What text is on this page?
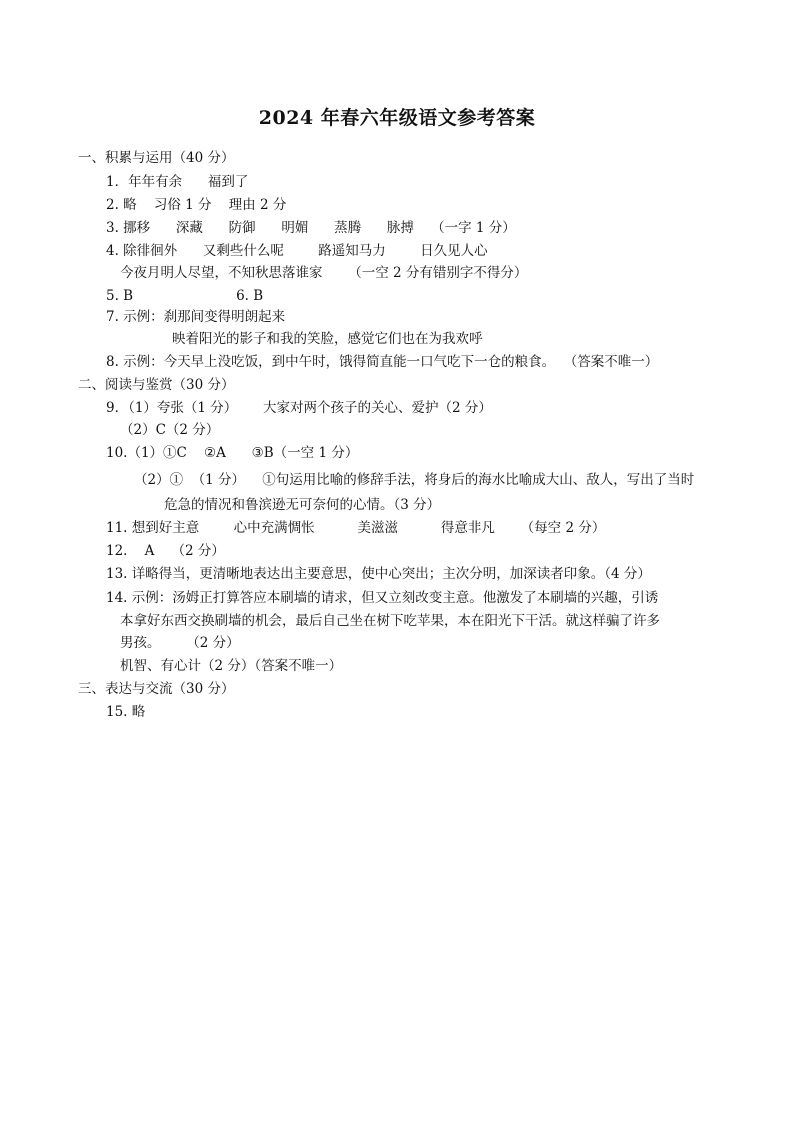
2024 年春六年级语文参考答案
一、积累与运用（40 分）
1．年年有余      福到了
2. 略    习俗 1 分    理由 2 分
3. 挪移      深藏      防御      明媚      蒸腾      脉搏    （一字 1 分）
4. 除徘徊外      又剩些什么呢        路遥知马力        日久见人心
今夜月明人尽望，不知秋思落谁家      （一空 2 分有错别字不得分）
5. B                        6. B
7. 示例：刹那间变得明朗起来
映着阳光的影子和我的笑脸，感觉它们也在为我欢呼
8. 示例：今天早上没吃饭，到中午时，饿得简直能一口气吃下一仓的粮食。  （答案不唯一）
二、阅读与鉴赏（30 分）
9．（1）夸张（1 分）      大家对两个孩子的关心、爱护（2 分）
（2）C（2 分）
10.（1）①C    ②A      ③B（一空 1 分）
（2）①  （1 分）    ①句运用比喻的修辞手法，将身后的海水比喻成大山、敌人，写出了当时
危急的情况和鲁滨逊无可奈何的心情。（3 分）
11. 想到好主意        心中充满惆怅          美滋滋          得意非凡      （每空 2 分）
12.    A    （2 分）
13. 详略得当，更清晰地表达出主要意思，使中心突出；主次分明，加深读者印象。（4 分）
14. 示例：汤姆正打算答应本刷墙的请求，但又立刻改变主意。他激发了本刷墙的兴趣，引诱
本拿好东西交换刷墙的机会，最后自己坐在树下吃苹果，本在阳光下干活。就这样骗了许多
男孩。      （2 分）
机智、有心计（2 分）（答案不唯一）
三、表达与交流（30 分）
15. 略
